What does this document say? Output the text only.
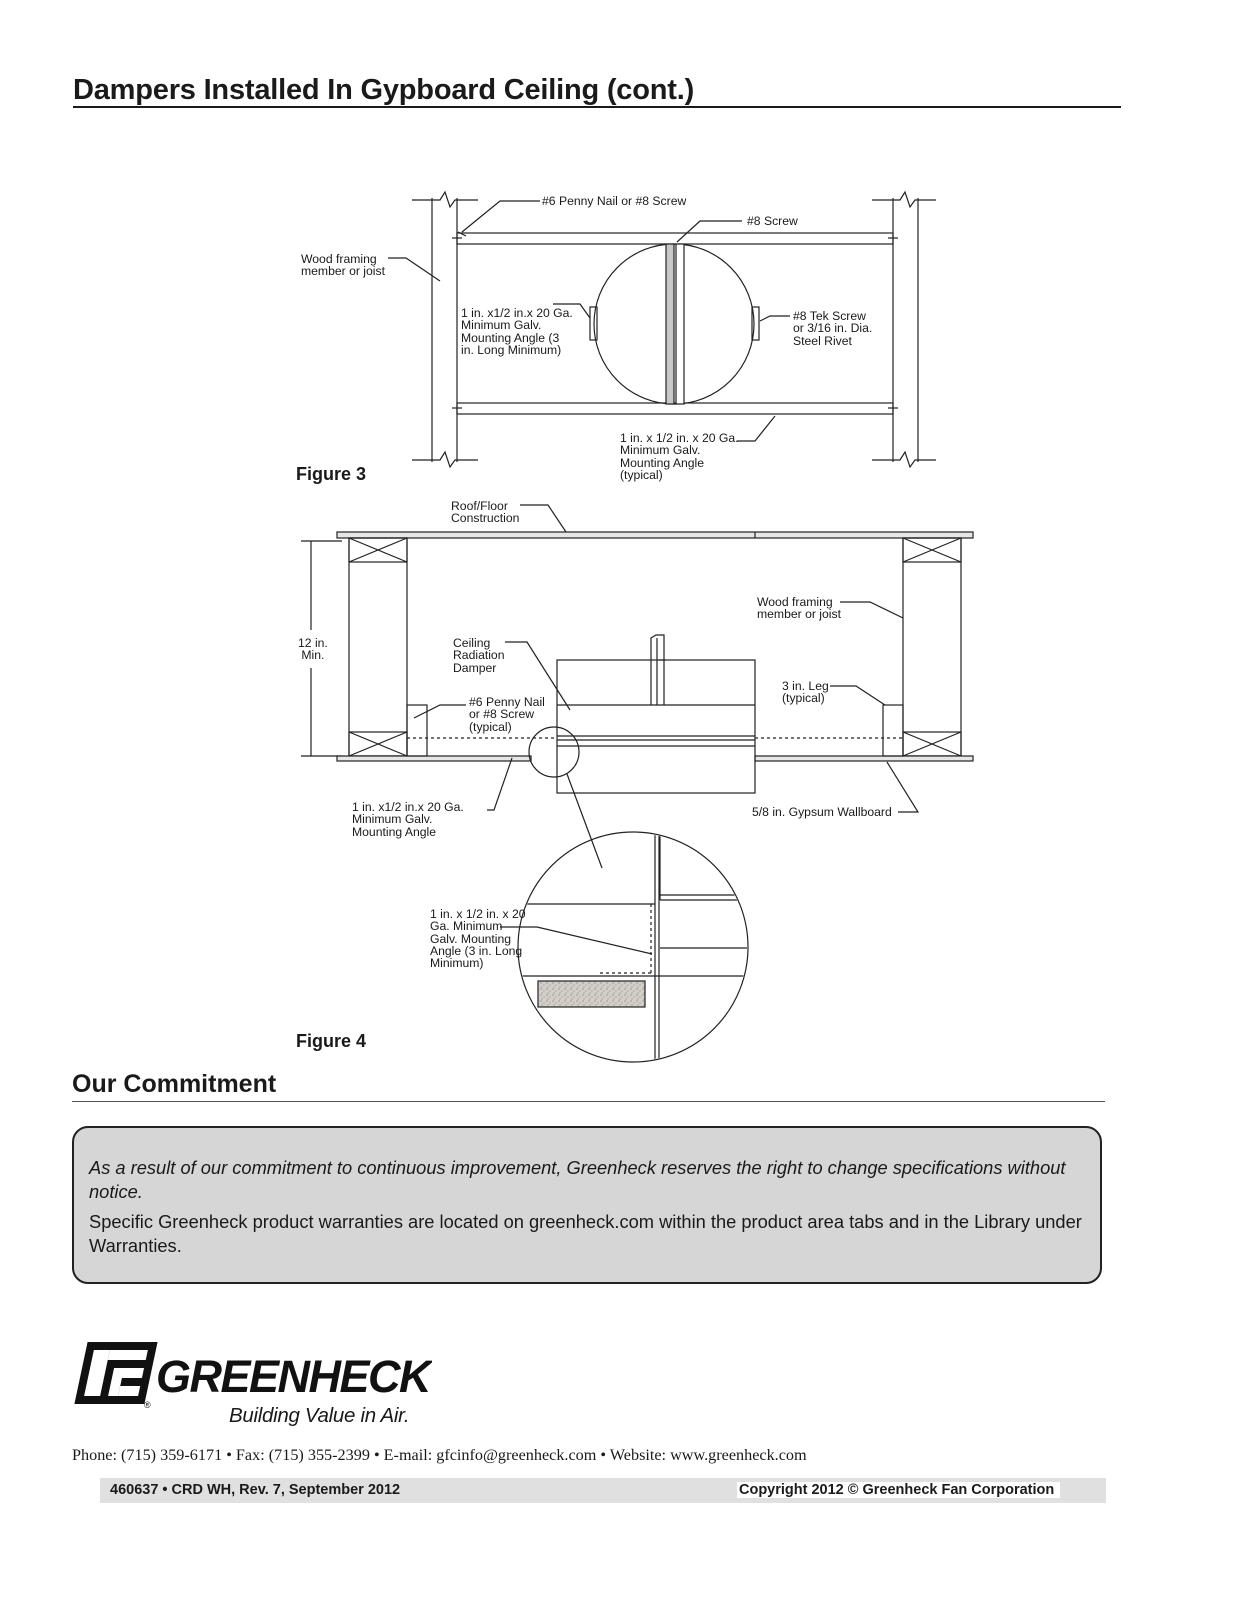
Dampers Installed In Gypboard Ceiling (cont.)
#6 Penny Nail or #8 Screw
#8 Screw
Wood framing
member or joist
1 in. x1/2 in.x 20 Ga.
Minimum Galv.
Mounting Angle (3
in. Long Minimum)
#8 Tek Screw
or 3/16 in. Dia.
Steel Rivet
1 in. x 1/2 in. x 20 Ga.
Minimum Galv.
Mounting Angle
(typical)
Figure 3
Roof/Floor
Construction
Wood framing
member or joist
12 in.
Min.
Ceiling
Radiation
Damper
3 in. Leg
(typical)
#6 Penny Nail
or #8 Screw
(typical)
1 in. x1/2 in.x 20 Ga.
Minimum Galv.
Mounting Angle
5/8 in. Gypsum Wallboard
1 in. x 1/2 in. x 20
Ga. Minimum
Galv. Mounting
Angle (3 in. Long
Minimum)
Figure 4
Our Commitment

As a result of our commitment to continuous improvement, Greenheck reserves the right to change specifications without notice.

Specific Greenheck product warranties are located on greenheck.com within the product area tabs and in the Library under Warranties.

GREENHECK
®	Building Value in Air.
Phone: (715) 359-6171 • Fax: (715) 355-2399 • E-mail: gfcinfo@greenheck.com • Website: www.greenheck.com
460637 • CRD WH, Rev. 7, September 2012	Copyright 2012 © Greenheck Fan Corporation
